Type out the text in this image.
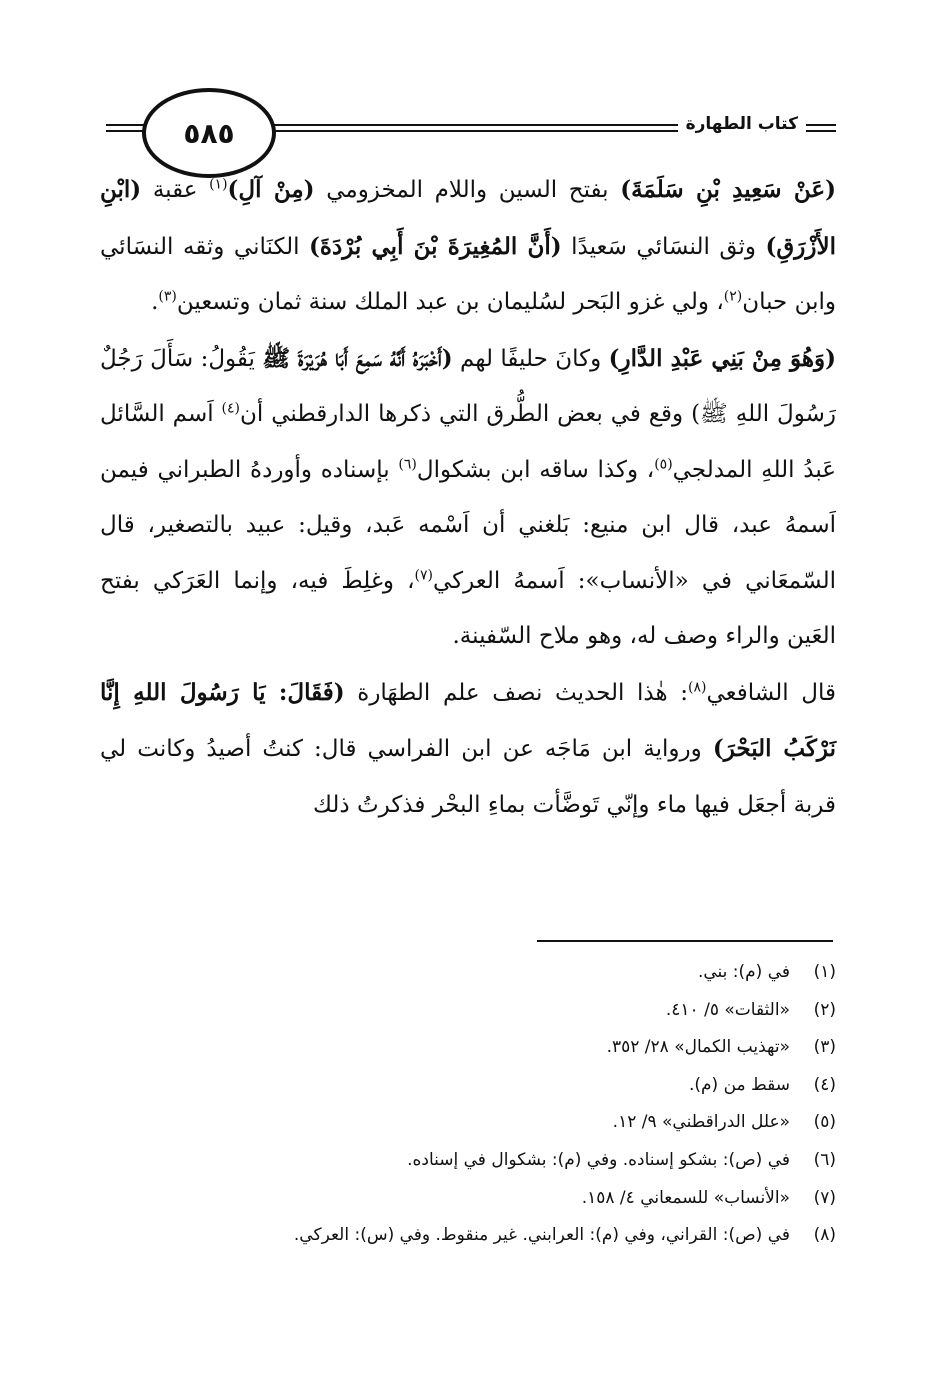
٥٨٥	كتاب الطهارة

(عَنْ سَعِيدِ بْنِ سَلَمَةَ) بفتح السين واللام المخزومي (مِنْ آلِ)$^{(١)}$ عقبة (ابْنِ الأَزْرَقِ) وثق النسَائي سَعيدًا (أَنَّ المُغِيرَةَ بْنَ أَبِي بُرْدَةَ) الكنَاني وثقه النسَائي وابن حبان$^{(٢)}$، ولي غزو البَحر لسُليمان بن عبد الملك سنة ثمان وتسعين$^{(٣)}$.

(وَهُوَ مِنْ بَنِي عَبْدِ الدَّارِ) وكانَ حليفًا لهم (أَخْبَرَهُ أَنَّهُ سَمِعَ أَبَا هُرَيْرَةَ ﷺ يَقُولُ: سَأَلَ رَجُلٌ رَسُولَ اللهِ ﷺ) وقع في بعض الطُّرق التي ذكرها الدارقطني أن$^{(٤)}$ اَسم السَّائل عَبدُ اللهِ المدلجي$^{(٥)}$، وكذا ساقه ابن بشكوال$^{(٦)}$ بإسناده وأوردهُ الطبراني فيمن اَسمهُ عبد، قال ابن منيع: بَلغني أن اَسْمه عَبد، وقيل: عبيد بالتصغير، قال السّمعَاني في «الأنساب»: اَسمهُ العركي$^{(٧)}$، وغلِطَ فيه، وإنما العَرَكي بفتح العَين والراء وصف له، وهو ملاح السّفينة.

قال الشافعي$^{(٨)}$: هٰذا الحديث نصف علم الطهَارة (فَقَالَ: يَا رَسُولَ اللهِ إِنَّا نَرْكَبُ البَحْرَ) ورواية ابن مَاجَه عن ابن الفراسي قال: كنتُ أصيدُ وكانت لي قربة أجعَل فيها ماء وإنّي تَوضَّأت بماءِ البحْر فذكرتُ ذلك

(١)
في (م): بني.
(٢)
«الثقات» ٥/ ٤١٠.
(٣)
«تهذيب الكمال» ٢٨/ ٣٥٢.
(٤)
سقط من (م).
(٥)
«علل الدراقطني» ٩/ ١٢.
(٦)
في (ص): بشكو إسناده. وفي (م): بشكوال في إسناده.
(٧)
«الأنساب» للسمعاني ٤/ ١٥٨.
(٨)
في (ص): القراني، وفي (م): العرابني. غير منقوط. وفي (س): العركي.
